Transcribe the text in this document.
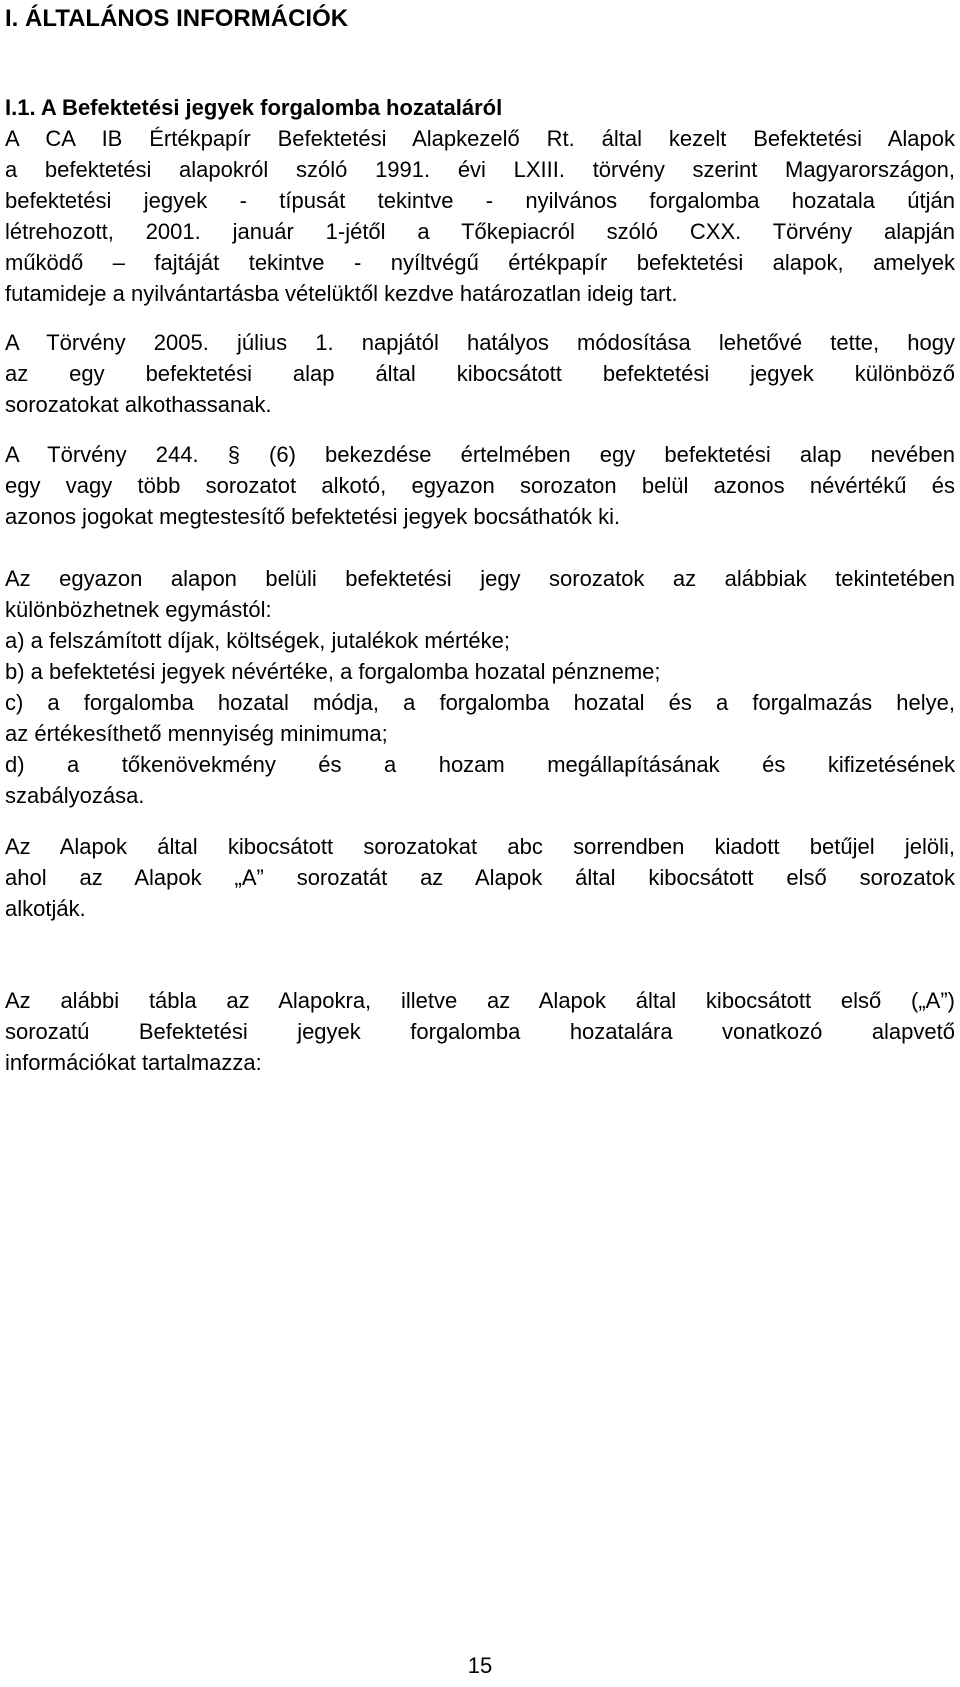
I. ÁLTALÁNOS INFORMÁCIÓK
I.1. A Befektetési jegyek forgalomba hozataláról
A CA IB Értékpapír Befektetési Alapkezelő Rt. által kezelt Befektetési Alapok
a befektetési alapokról szóló 1991. évi LXIII. törvény szerint Magyarországon,
befektetési jegyek - típusát tekintve - nyilvános forgalomba hozatala útján
létrehozott, 2001. január 1-jétől a Tőkepiacról szóló CXX. Törvény alapján
működő – fajtáját tekintve - nyíltvégű értékpapír befektetési alapok, amelyek
futamideje a nyilvántartásba vételüktől kezdve határozatlan ideig tart.
A Törvény 2005. július 1. napjától hatályos módosítása lehetővé tette, hogy
az egy befektetési alap által kibocsátott befektetési jegyek különböző
sorozatokat alkothassanak.
A Törvény 244. § (6) bekezdése értelmében egy befektetési alap nevében
egy vagy több sorozatot alkotó, egyazon sorozaton belül azonos névértékű és
azonos jogokat megtestesítő befektetési jegyek bocsáthatók ki.
Az egyazon alapon belüli befektetési jegy sorozatok az alábbiak tekintetében
különbözhetnek egymástól:
a) a felszámított díjak, költségek, jutalékok mértéke;
b) a befektetési jegyek névértéke, a forgalomba hozatal pénzneme;
c) a forgalomba hozatal módja, a forgalomba hozatal és a forgalmazás helye,
az értékesíthető mennyiség minimuma;
d) a tőkenövekmény és a hozam megállapításának és kifizetésének
szabályozása.
Az Alapok által kibocsátott sorozatokat abc sorrendben kiadott betűjel jelöli,
ahol az Alapok „A” sorozatát az Alapok által kibocsátott első sorozatok
alkotják.
Az alábbi tábla az Alapokra, illetve az Alapok által kibocsátott első („A”)
sorozatú Befektetési jegyek forgalomba hozatalára vonatkozó alapvető
információkat tartalmazza:
15
